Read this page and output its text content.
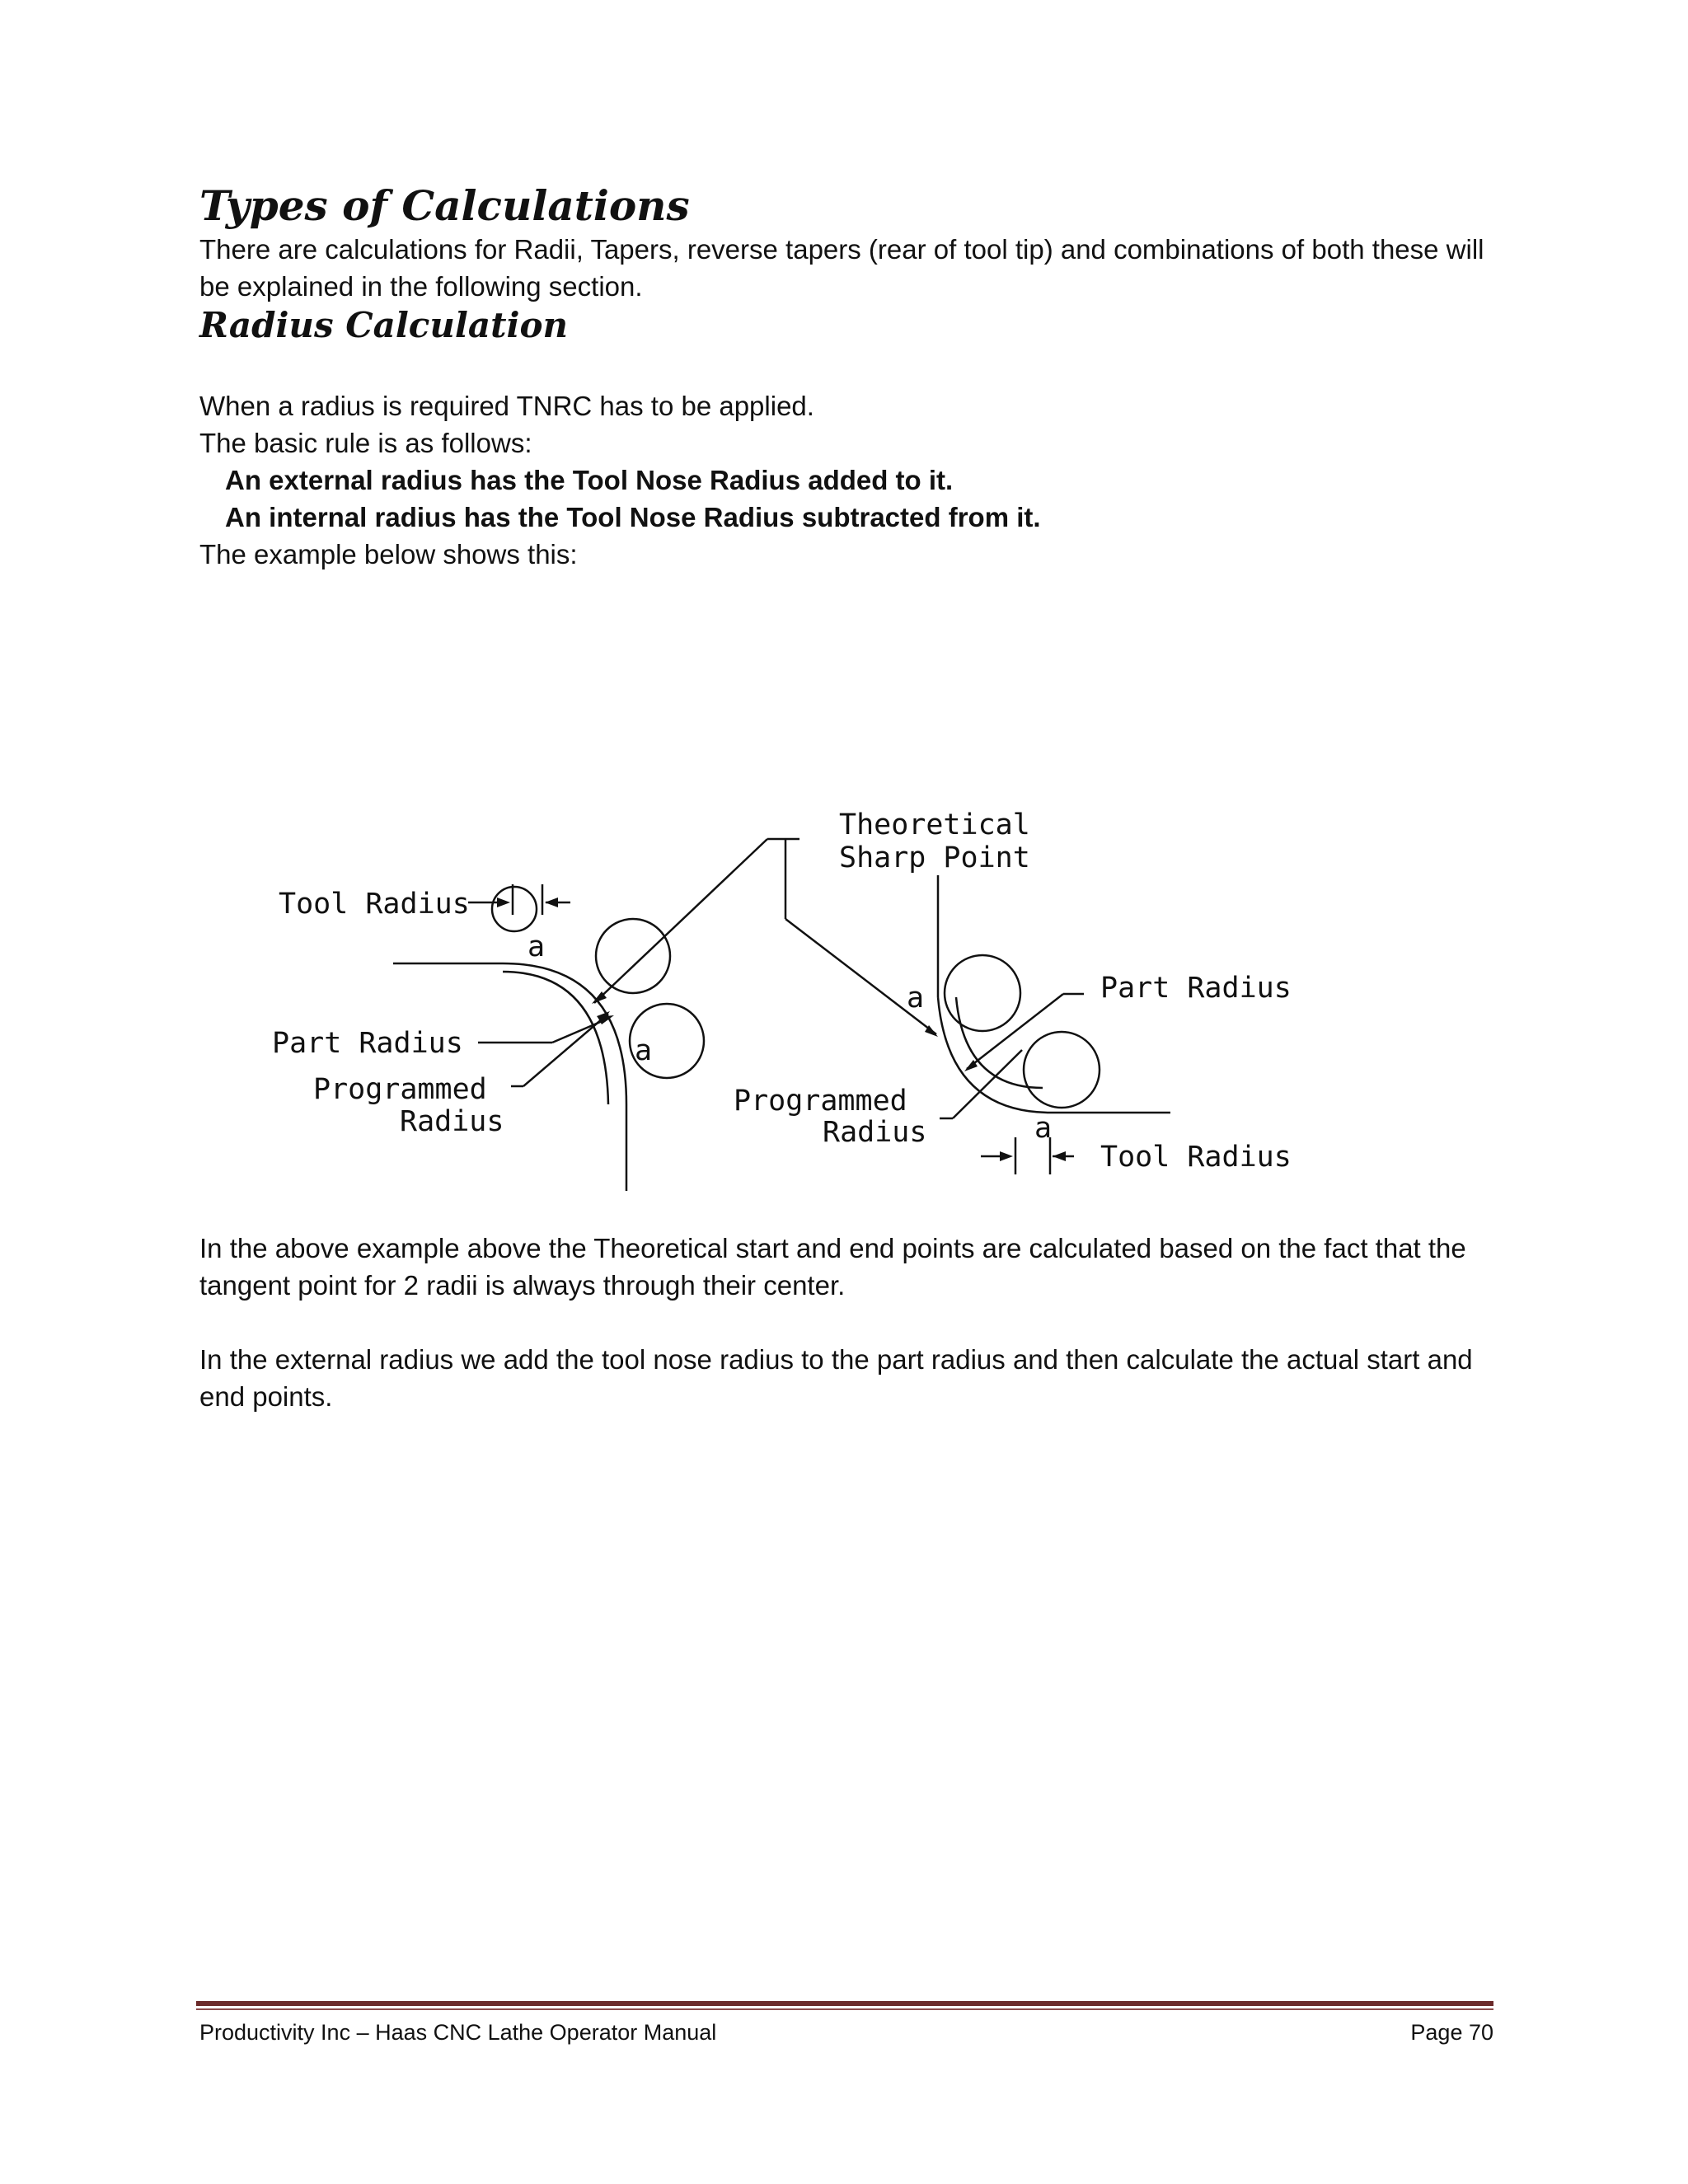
Types of Calculations

There are calculations for Radii, Tapers, reverse tapers (rear of tool tip) and combinations of both these will be explained in the following section.

Radius Calculation

When a radius is required TNRC has to be applied.

The basic rule is as follows:

An external radius has the Tool Nose Radius added to it.

An internal radius has the Tool Nose Radius subtracted from it.

The example below shows this:

Theoretical
Sharp Point
Tool Radius
Part Radius
Programmed
Radius
Part Radius
Programmed
Radius
Tool Radius
a
a
a
a

In the above example above the Theoretical start and end points are calculated based on the fact that the tangent point for 2 radii is always through their center.

In the external radius we add the tool nose radius to the part radius and then calculate the actual start and end points.

Productivity Inc – Haas CNC Lathe Operator Manual	Page 70
